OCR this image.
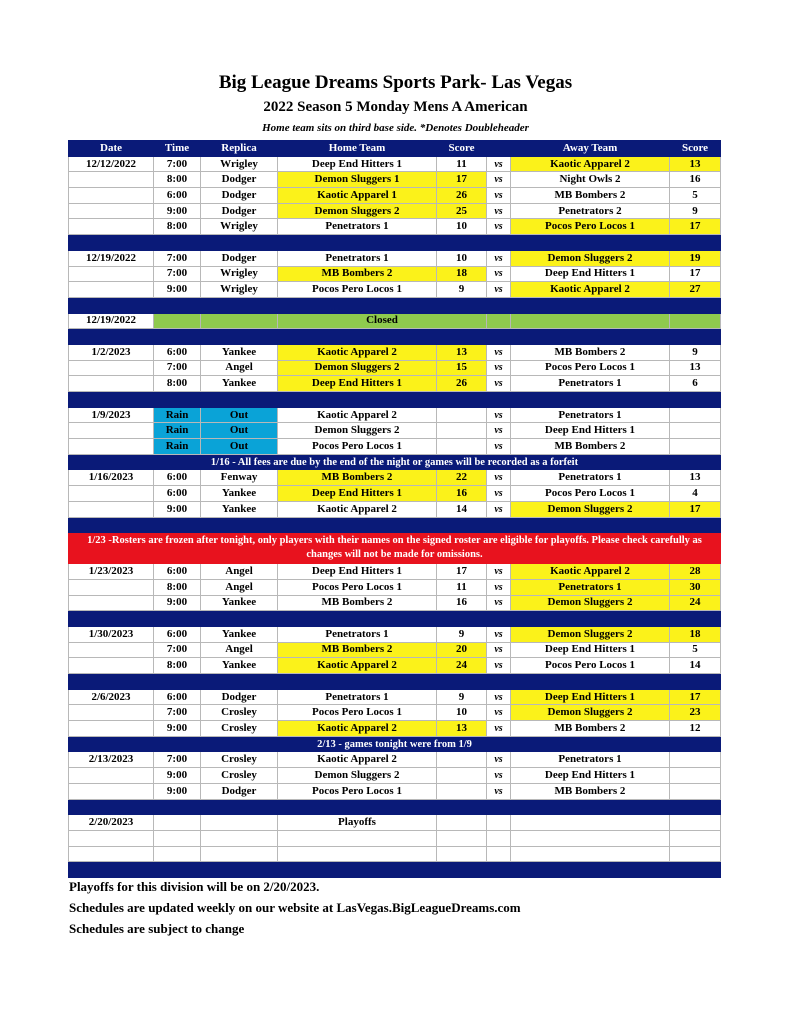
Big League Dreams Sports Park- Las Vegas
2022 Season 5 Monday Mens A American
Home team sits on third base side. *Denotes Doubleheader
Date	Time	Replica	Home Team	Score		Away Team	Score
12/12/2022	7:00	Wrigley	Deep End Hitters 1	11	vs	Kaotic Apparel 2	13
	8:00	Dodger	Demon Sluggers 1	17	vs	Night Owls 2	16
	6:00	Dodger	Kaotic Apparel 1	26	vs	MB Bombers 2	5
	9:00	Dodger	Demon Sluggers 2	25	vs	Penetrators 2	9
	8:00	Wrigley	Penetrators 1	10	vs	Pocos Pero Locos 1	17

12/19/2022	7:00	Dodger	Penetrators 1	10	vs	Demon Sluggers 2	19
	7:00	Wrigley	MB Bombers 2	18	vs	Deep End Hitters 1	17
	9:00	Wrigley	Pocos Pero Locos 1	9	vs	Kaotic Apparel 2	27

12/19/2022			Closed				

1/2/2023	6:00	Yankee	Kaotic Apparel 2	13	vs	MB Bombers 2	9
	7:00	Angel	Demon Sluggers 2	15	vs	Pocos Pero Locos 1	13
	8:00	Yankee	Deep End Hitters 1	26	vs	Penetrators 1	6

1/9/2023	Rain	Out	Kaotic Apparel 2		vs	Penetrators 1	
	Rain	Out	Demon Sluggers 2		vs	Deep End Hitters 1	
	Rain	Out	Pocos Pero Locos 1		vs	MB Bombers 2	
1/16 - All fees are due by the end of the night or games will be recorded as a forfeit							
1/16/2023	6:00	Fenway	MB Bombers 2	22	vs	Penetrators 1	13
	6:00	Yankee	Deep End Hitters 1	16	vs	Pocos Pero Locos 1	4
	9:00	Yankee	Kaotic Apparel 2	14	vs	Demon Sluggers 2	17

1/23 -Rosters are frozen after tonight, only players with their names on the signed roster are eligible for playoffs. Please check carefully as changes will not be made for omissions.							
1/23/2023	6:00	Angel	Deep End Hitters 1	17	vs	Kaotic Apparel 2	28
	8:00	Angel	Pocos Pero Locos 1	11	vs	Penetrators 1	30
	9:00	Yankee	MB Bombers 2	16	vs	Demon Sluggers 2	24

1/30/2023	6:00	Yankee	Penetrators 1	9	vs	Demon Sluggers 2	18
	7:00	Angel	MB Bombers 2	20	vs	Deep End Hitters 1	5
	8:00	Yankee	Kaotic Apparel 2	24	vs	Pocos Pero Locos 1	14

2/6/2023	6:00	Dodger	Penetrators 1	9	vs	Deep End Hitters 1	17
	7:00	Crosley	Pocos Pero Locos 1	10	vs	Demon Sluggers 2	23
	9:00	Crosley	Kaotic Apparel 2	13	vs	MB Bombers 2	12
2/13 - games tonight were from 1/9							
2/13/2023	7:00	Crosley	Kaotic Apparel 2		vs	Penetrators 1	
	9:00	Crosley	Demon Sluggers 2		vs	Deep End Hitters 1	
	9:00	Dodger	Pocos Pero Locos 1		vs	MB Bombers 2	

2/20/2023			Playoffs				

Playoffs for this division will be on 2/20/2023.
Schedules are updated weekly on our website at LasVegas.BigLeagueDreams.com
Schedules are subject to change
